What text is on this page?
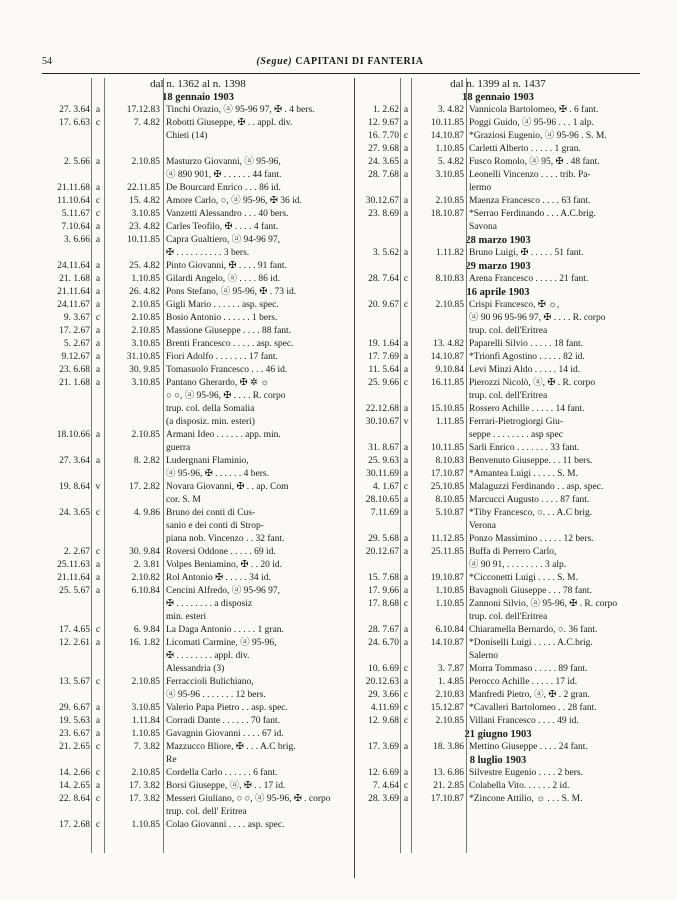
54	(Segue) CAPITANI DI FANTERIA
dal n. 1362 al n. 1398
18 gennaio 1903
27. 3.64 a	17.12.83 Tinchi Orazio, ⓐ 95-96 97, ✠ . 4 bers.
17. 6.63 c	7. 4.82 Robotti Giuseppe, ✠ . . appl. div.
Chieti (14)
2. 5.66 a	2.10.85 Masturzo Giovanni, ⓐ 95-96,
ⓐ 890 901, ✠ . . . . . . 44 fant.
21.11.68 a	22.11.85 De Bourcard Enrico . . . 86 id.
11.10.64 c	15. 4.82 Amore Carlo, ○, ⓐ 95-96, ✠ 36 id.
5.11.67 c	3.10.85 Vanzetti Alessandro . . . 40 bers.
7.10.64 a	23. 4.82 Carles Teofilo, ✠ . . . . 4 fant.
3. 6.66 a	10.11.85 Capra Gualtiero, ⓐ 94-96 97,
✠ . . . . . . . . . . 3 bers.
24.11.64 a	25. 4.82 Pinto Giovanni, ✠ . . . . 91 fant.
21. 1.68 a	1.10.85 Gilardi Angelo, ⓐ . . . . 86 id.
21.11.64 a	26. 4.82 Pons Stefano, ⓐ 95-96, ✠ . 73 id.
24.11.67 a	2.10.85 Gigli Mario . . . . . . asp. spec.
9. 3.67 c	2.10.85 Bosio Antonio . . . . . . 1 bers.
17. 2.67 a	2.10.85 Massione Giuseppe . . . . 88 fant.
5. 2.67 a	3.10.85 Brenti Francesco . . . . . asp. spec.
9.12.67 a	31.10.85 Fiori Adolfo . . . . . . . 17 fant.
23. 6.68 a	30. 9.85 Tomasuolo Francesco . . . 46 id.
21. 1.68 a	3.10.85 Pantano Gherardo, ✠ ✲ ☼
○ ○, ⓐ 95-96, ✠ . . . . R. corpo
trup. col. della Somalia
(a disposiz. min. esteri)
18.10.66 a	2.10.85 Armani Ideo . . . . . . app. min.
guerra
27. 3.64 a	8. 2.82 Ludergnani Flaminio,
ⓐ 95-96, ✠ . . . . . . 4 bers.
19. 8.64 v	17. 2.82 Novara Giovanni, ✠ . . ap. Com
cor. S. M
24. 3.65 c	4. 9.86 Bruno dei conti di Cus-
sanio e dei conti di Strop-
piana nob. Vincenzo . . 32 fant.
2. 2.67 c	30. 9.84 Roversi Oddone . . . . . 69 id.
25.11.63 a	2. 3.81 Volpes Beniamino, ✠ . . 20 id.
21.11.64 a	2.10.82 Rol Antonio ✠ . . . . . 34 id.
25. 5.67 a	6.10.84 Cencini Alfredo, ⓐ 95-96 97,
✠ . . . . . . . . a disposiz
min. esteri
17. 4.65 c	6. 9.84 La Daga Antonio . . . . . 1 gran.
12. 2.61 a	16. 1.82 Licomati Carmine, ⓐ 95-96,
✠ . . . . . . . . appl. div.
Alessandria (3)
13. 5.67 c	2.10.85 Ferraccioli Bulichiano,
ⓐ 95-96 . . . . . . . 12 bers.
29. 6.67 a	3.10.85 Valerio Papa Pietro . . asp. spec.
19. 5.63 a	1.11.84 Corradi Dante . . . . . . 70 fant.
23. 6.67 a	1.10.85 Gavagnin Giovanni . . . . 67 id.
21. 2.65 c	7. 3.82 Mazzucco Bliore, ✠ . . . A.C brig.
Re
14. 2.66 c	2.10.85 Cordella Carlo . . . . . . 6 fant.
14. 2.65 a	17. 3.82 Borsi Giuseppe, ⓐ, ✠ . . 17 id.
22. 8.64 c	17. 3.82 Messeri Giuliano, ○ ○, ⓐ 95-96, ✠ . corpo
trup. col. dell' Eritrea
17. 2.68 c	1.10.85 Colao Giovanni . . . . asp. spec.
dal n. 1399 al n. 1437
18 gennaio 1903
1. 2.62 a	3. 4.82 Vannicola Bartolomeo, ✠ . 6 fant.
12. 9.67 a	10.11.85 Poggi Guido, ⓐ 95-96 . . . 1 alp.
16. 7.70 c	14.10.87 *Graziosi Eugenio, ⓐ 95-96 . S. M.
27. 9.68 a	1.10.85 Carletti Alberto . . . . . 1 gran.
24. 3.65 a	5. 4.82 Fusco Romolo, ⓐ 95, ✠ . 48 fant.
28. 7.68 a	3.10.85 Leonelli Vincenzo . . . . trib. Pa-
lermo
30.12.67 a	2.10.85 Maenza Francesco . . . . 63 fant.
23. 8.69 a	18.10.87 *Serrao Ferdinando . . . A.C.brig.
Savona
28 marzo 1903
3. 5.62 a	1.11.82 Bruno Luigi, ✠ . . . . . 51 fant.
29 marzo 1903
28. 7.64 c	8.10.83 Arena Francesco . . . . . 21 fant.
16 aprile 1903
20. 9.67 c	2.10.85 Crispi Francesco, ✠ ☼,
ⓐ 90 96 95-96 97, ✠ . . . . R. corpo
trup. col. dell'Eritrea
19. 1.64 a	13. 4.82 Paparelli Silvio . . . . . 18 fant.
17. 7.69 a	14.10.87 *Trionfi Agostino . . . . . 82 id.
11. 5.64 a	9.10.84 Levi Minzi Aldo . . . . . 14 id.
25. 9.66 c	16.11.85 Pierozzi Nicolò, ⓐ, ✠ . R. corpo
trup. col. dell'Eritrea
22.12.68 a	15.10.85 Rossero Achille . . . . . 14 fant.
30.10.67 v	1.11.85 Ferrari-Pietrogiorgi Giu-
seppe . . . . . . . . asp spec
31. 8.67 a	10.11.85 Sarli Enrico . . . . . . . 33 fant.
25. 9.63 a	8.10.83 Benvenuto Giuseppe. . . 11 bers.
30.11.69 a	17.10.87 *Amantea Luigi . . . . . S. M.
4. 1.67 c	25.10.85 Malaguzzi Ferdinando . . asp. spec.
28.10.65 a	8.10.85 Marcucci Augusto . . . . 87 fant.
7.11.69 a	5.10.87 *Tiby Francesco, ○. . . A.C brig.
Verona
29. 5.68 a	11.12.85 Ponzo Massimino . . . . . 12 bers.
20.12.67 a	25.11.85 Buffa di Perrero Carlo,
ⓐ 90 91, . . . . . . . . 3 alp.
15. 7.68 a	19.10.87 *Cicconetti Luigi . . . . S. M.
17. 9.66 a	1.10.85 Bavagnoli Giuseppe . . . 78 fant.
17. 8.68 c	1.10.85 Zannoni Silvio, ⓐ 95-96, ✠ . R. corpo
trup. col. dell'Eritrea
28. 7.67 a	6.10.84 Chiaramella Bernardo, ○. 36 fant.
24. 6.70 a	14.10.87 *Doniselli Luigi . . . . . A.C.brig.
Salerno
10. 6.69 c	3. 7.87 Morra Tommaso . . . . . 89 fant.
20.12.63 a	1. 4.85 Perocco Achille . . . . . 17 id.
29. 3.66 c	2.10.83 Manfredi Pietro, ⓐ, ✠ . 2 gran.
4.11.69 c	15.12.87 *Cavalleri Bartolomeo . . 28 fant.
12. 9.68 c	2.10.85 Villani Francesco . . . . 49 id.
21 giugno 1903
17. 3.69 a	18. 3.86 Mettino Giuseppe . . . . 24 fant.
8 luglio 1903
12. 6.69 a	13. 6.86 Silvestre Eugenio . . . . 2 bers.
7. 4.64 c	21. 2.85 Colabella Vito. . . . . . 2 id.
28. 3.69 a	17.10.87 *Zincone Attilio, ☼ . . . S. M.
